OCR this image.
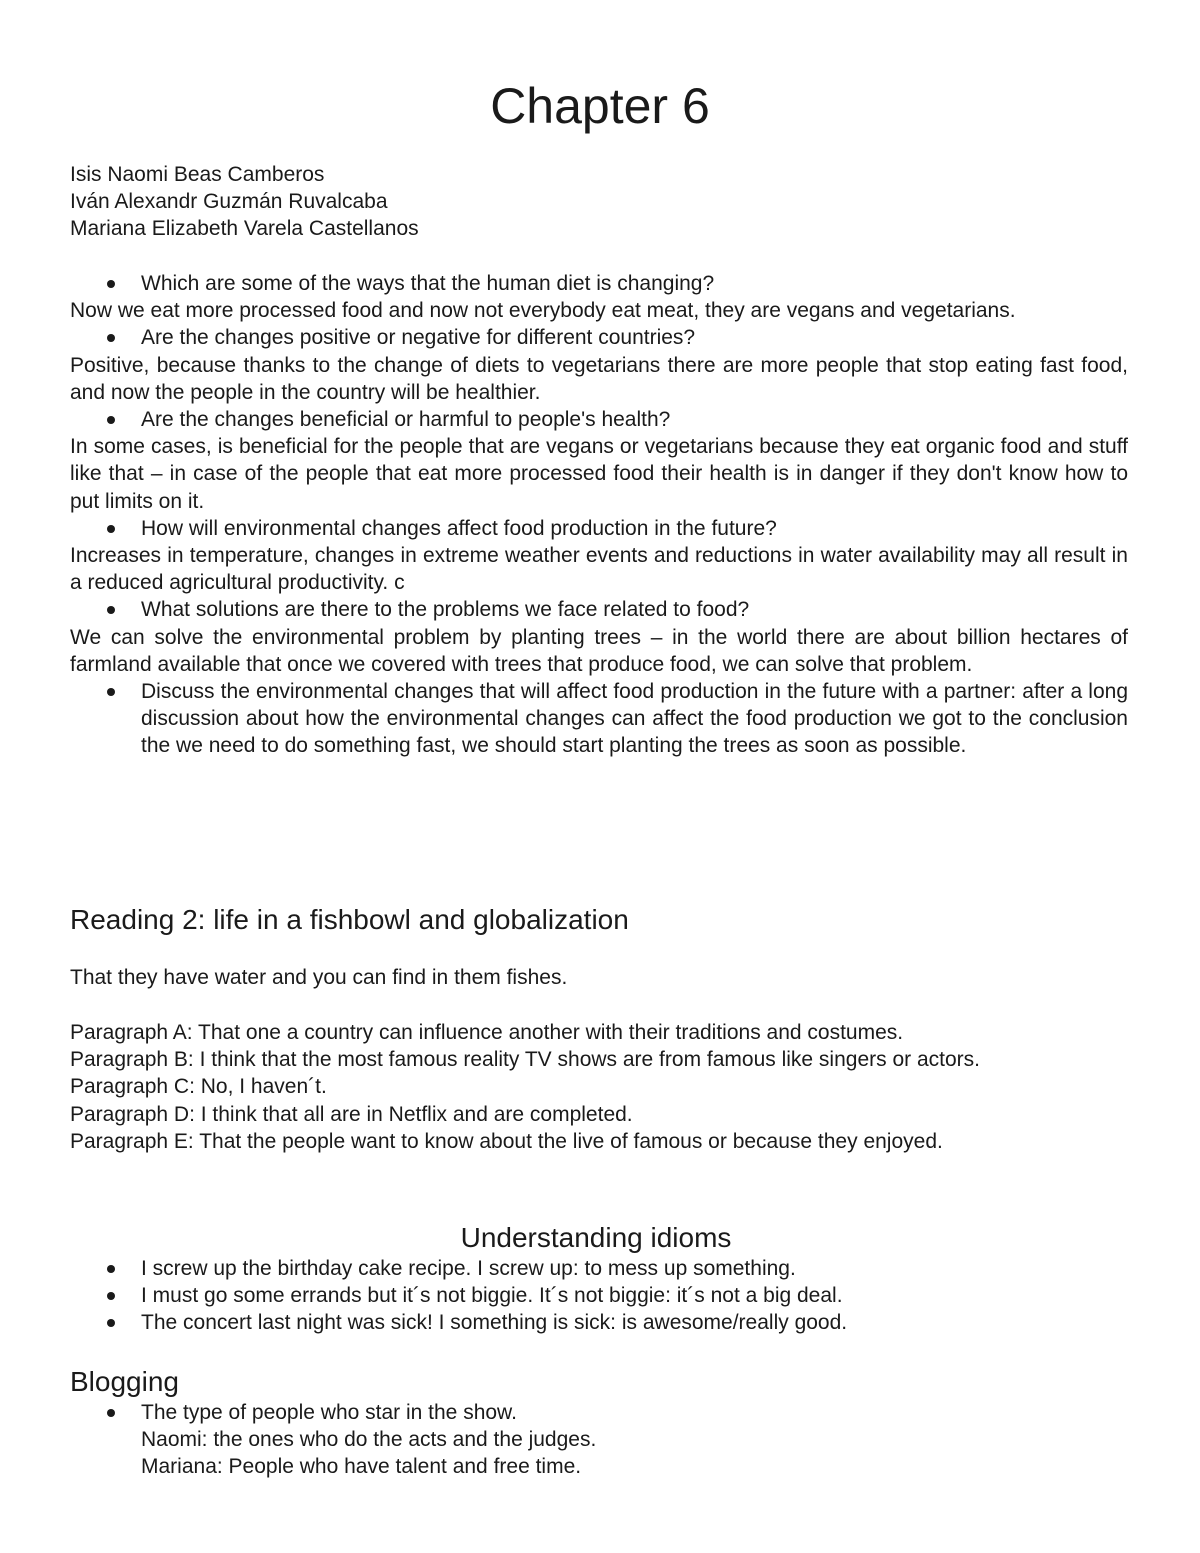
Chapter 6
Isis Naomi Beas Camberos
Iván Alexandr Guzmán Ruvalcaba
Mariana Elizabeth Varela Castellanos
Which are some of the ways that the human diet is changing?
Now we eat more processed food and now not everybody eat meat, they are vegans and vegetarians.
Are the changes positive or negative for different countries?
Positive, because thanks to the change of diets to vegetarians there are more people that stop eating fast food, and now the people in the country will be healthier.
Are the changes beneficial or harmful to people's health?
In some cases, is beneficial for the people that are vegans or vegetarians because they eat organic food and stuff like that – in case of the people that eat more processed food their health is in danger if they don't know how to put limits on it.
How will environmental changes affect food production in the future?
Increases in temperature, changes in extreme weather events and reductions in water availability may all result in a reduced agricultural productivity. c
What solutions are there to the problems we face related to food?
We can solve the environmental problem by planting trees – in the world there are about billion hectares of farmland available that once we covered with trees that produce food, we can solve that problem.
Discuss the environmental changes that will affect food production in the future with a partner: after a long discussion about how the environmental changes can affect the food production we got to the conclusion the we need to do something fast, we should start planting the trees as soon as possible.
Reading 2: life in a fishbowl and globalization
That they have water and you can find in them fishes.
Paragraph A: That one a country can influence another with their traditions and costumes.
Paragraph B: I think that the most famous reality TV shows are from famous like singers or actors.
Paragraph C: No, I haven´t.
Paragraph D: I think that all are in Netflix and are completed.
Paragraph E: That the people want to know about the live of famous or because they enjoyed.
Understanding idioms
I screw up the birthday cake recipe. I screw up: to mess up something.
I must go some errands but it´s not biggie. It´s not biggie: it´s not a big deal.
The concert last night was sick! I something is sick: is awesome/really good.
Blogging
The type of people who star in the show.
Naomi: the ones who do the acts and the judges.
Mariana: People who have talent and free time.
